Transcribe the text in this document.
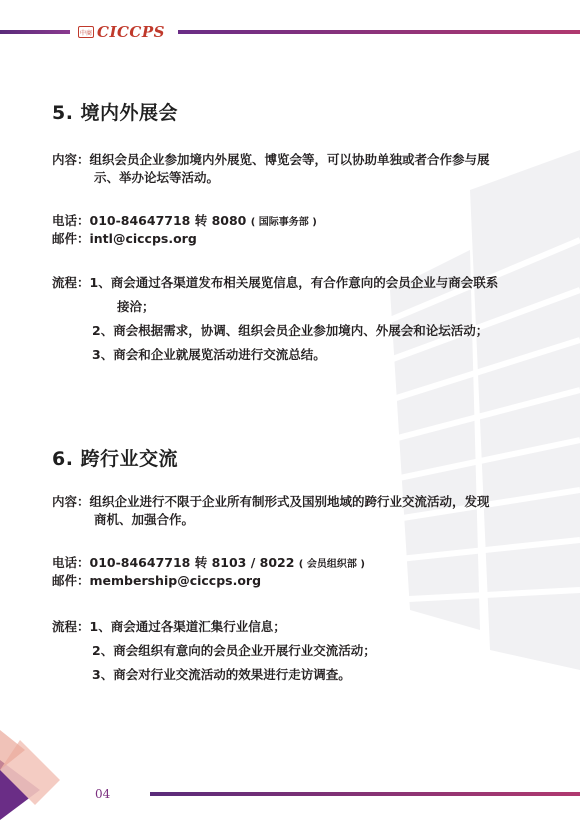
中商 CICCPS
5. 境内外展会
内容：组织会员企业参加境内外展览、博览会等，可以协助单独或者合作参与展
示、举办论坛等活动。
电话：010-84647718 转 8080 ( 国际事务部 )
邮件：intl@ciccps.org
流程：1、商会通过各渠道发布相关展览信息，有合作意向的会员企业与商会联系
接洽；
2、商会根据需求，协调、组织会员企业参加境内、外展会和论坛活动；
3、商会和企业就展览活动进行交流总结。
6. 跨行业交流
内容：组织企业进行不限于企业所有制形式及国别地域的跨行业交流活动，发现
商机、加强合作。
电话：010-84647718 转 8103 / 8022 ( 会员组织部 )
邮件：membership@ciccps.org
流程：1、商会通过各渠道汇集行业信息；
2、商会组织有意向的会员企业开展行业交流活动；
3、商会对行业交流活动的效果进行走访调查。
04
